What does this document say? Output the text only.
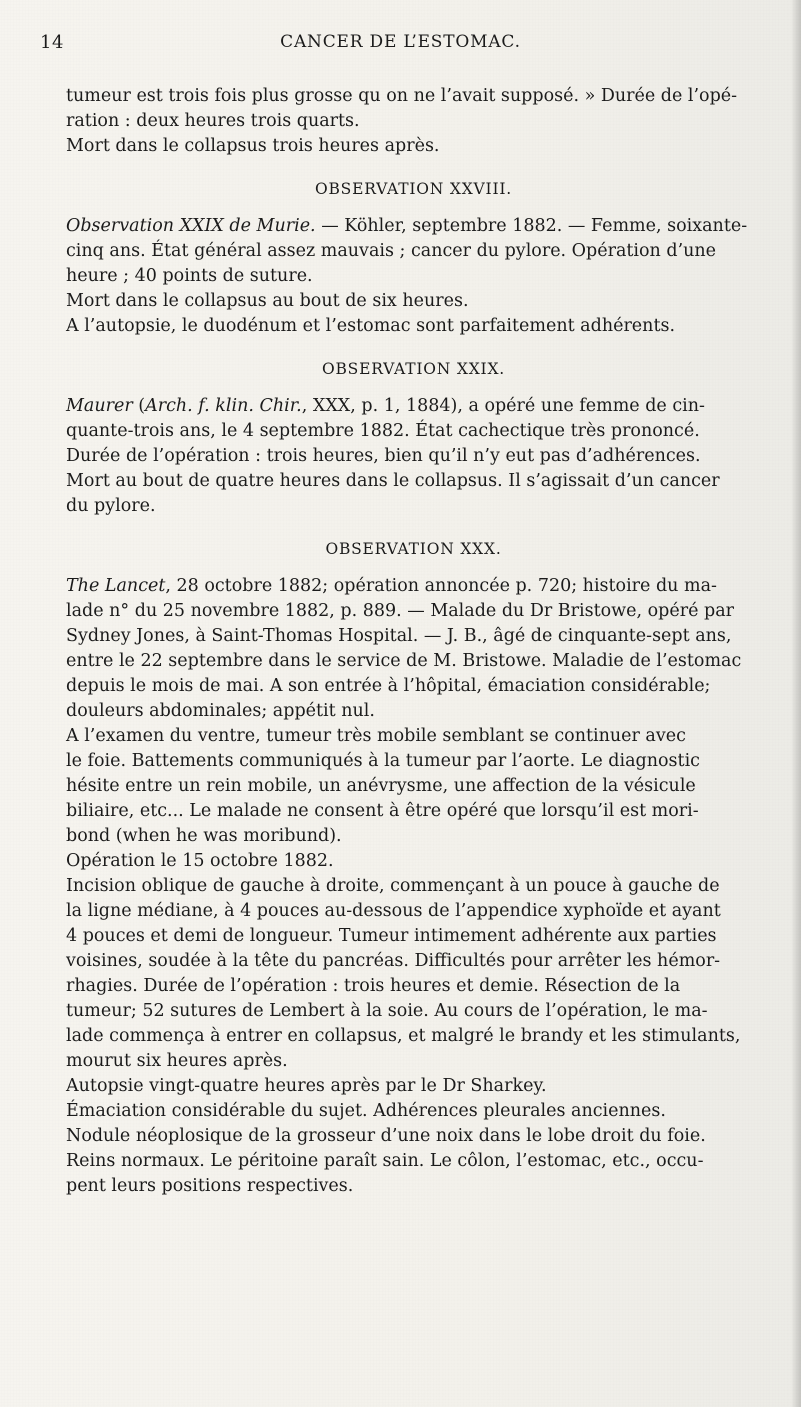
14	CANCER DE L’ESTOMAC.

tumeur est trois fois plus grosse qu on ne l’avait supposé. » Durée de l’opé-

ration : deux heures trois quarts.

Mort dans le collapsus trois heures après.

OBSERVATION XXVIII.

Observation XXIX de Murie. — Köhler, septembre 1882. — Femme, soixante-

cinq ans. État général assez mauvais ; cancer du pylore. Opération d’une

heure ; 40 points de suture.

Mort dans le collapsus au bout de six heures.

A l’autopsie, le duodénum et l’estomac sont parfaitement adhérents.

OBSERVATION XXIX.

Maurer (Arch. f. klin. Chir., XXX, p. 1, 1884), a opéré une femme de cin-

quante-trois ans, le 4 septembre 1882. État cachectique très prononcé.

Durée de l’opération : trois heures, bien qu’il n’y eut pas d’adhérences.

Mort au bout de quatre heures dans le collapsus. Il s’agissait d’un cancer

du pylore.

OBSERVATION XXX.

The Lancet, 28 octobre 1882; opération annoncée p. 720; histoire du ma-

lade n° du 25 novembre 1882, p. 889. — Malade du Dr Bristowe, opéré par

Sydney Jones, à Saint-Thomas Hospital. — J. B., âgé de cinquante-sept ans,

entre le 22 septembre dans le service de M. Bristowe. Maladie de l’estomac

depuis le mois de mai. A son entrée à l’hôpital, émaciation considérable;

douleurs abdominales; appétit nul.

A l’examen du ventre, tumeur très mobile semblant se continuer avec

le foie. Battements communiqués à la tumeur par l’aorte. Le diagnostic

hésite entre un rein mobile, un anévrysme, une affection de la vésicule

biliaire, etc... Le malade ne consent à être opéré que lorsqu’il est mori-

bond (when he was moribund).

Opération le 15 octobre 1882.

Incision oblique de gauche à droite, commençant à un pouce à gauche de

la ligne médiane, à 4 pouces au-dessous de l’appendice xyphoïde et ayant

4 pouces et demi de longueur. Tumeur intimement adhérente aux parties

voisines, soudée à la tête du pancréas. Difficultés pour arrêter les hémor-

rhagies. Durée de l’opération : trois heures et demie. Résection de la

tumeur; 52 sutures de Lembert à la soie. Au cours de l’opération, le ma-

lade commença à entrer en collapsus, et malgré le brandy et les stimulants,

mourut six heures après.

Autopsie vingt-quatre heures après par le Dr Sharkey.

Émaciation considérable du sujet. Adhérences pleurales anciennes.

Nodule néoplosique de la grosseur d’une noix dans le lobe droit du foie.

Reins normaux. Le péritoine paraît sain. Le côlon, l’estomac, etc., occu-

pent leurs positions respectives.
